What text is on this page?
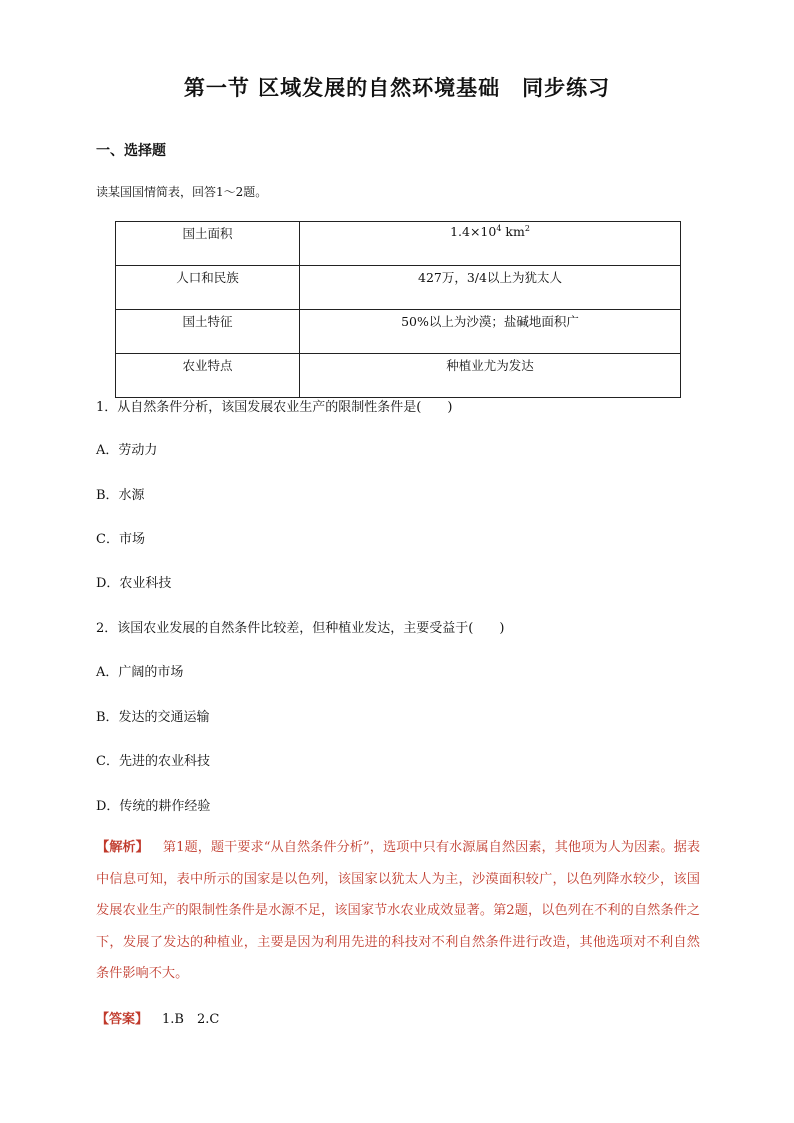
第一节 区域发展的自然环境基础　同步练习
一、选择题
读某国国情简表，回答1～2题。
国土面积	$1.4\times 10^4$ $km^2$
人口和民族	427万，3/4以上为犹太人
国土特征	50%以上为沙漠；盐碱地面积广
农业特点	种植业尤为发达
1．从自然条件分析，该国发展农业生产的限制性条件是(　　)
A．劳动力
B．水源
C．市场
D．农业科技
2．该国农业发展的自然条件比较差，但种植业发达，主要受益于(　　)
A．广阔的市场
B．发达的交通运输
C．先进的农业科技
D．传统的耕作经验
【解析】 第1题，题干要求“从自然条件分析”，选项中只有水源属自然因素，其他项为人为因素。据表中信息可知，表中所示的国家是以色列，该国家以犹太人为主，沙漠面积较广，以色列降水较少，该国发展农业生产的限制性条件是水源不足，该国家节水农业成效显著。第2题，以色列在不利的自然条件之下，发展了发达的种植业，主要是因为利用先进的科技对不利自然条件进行改造，其他选项对不利自然条件影响不大。
【答案】 1.B　2.C
